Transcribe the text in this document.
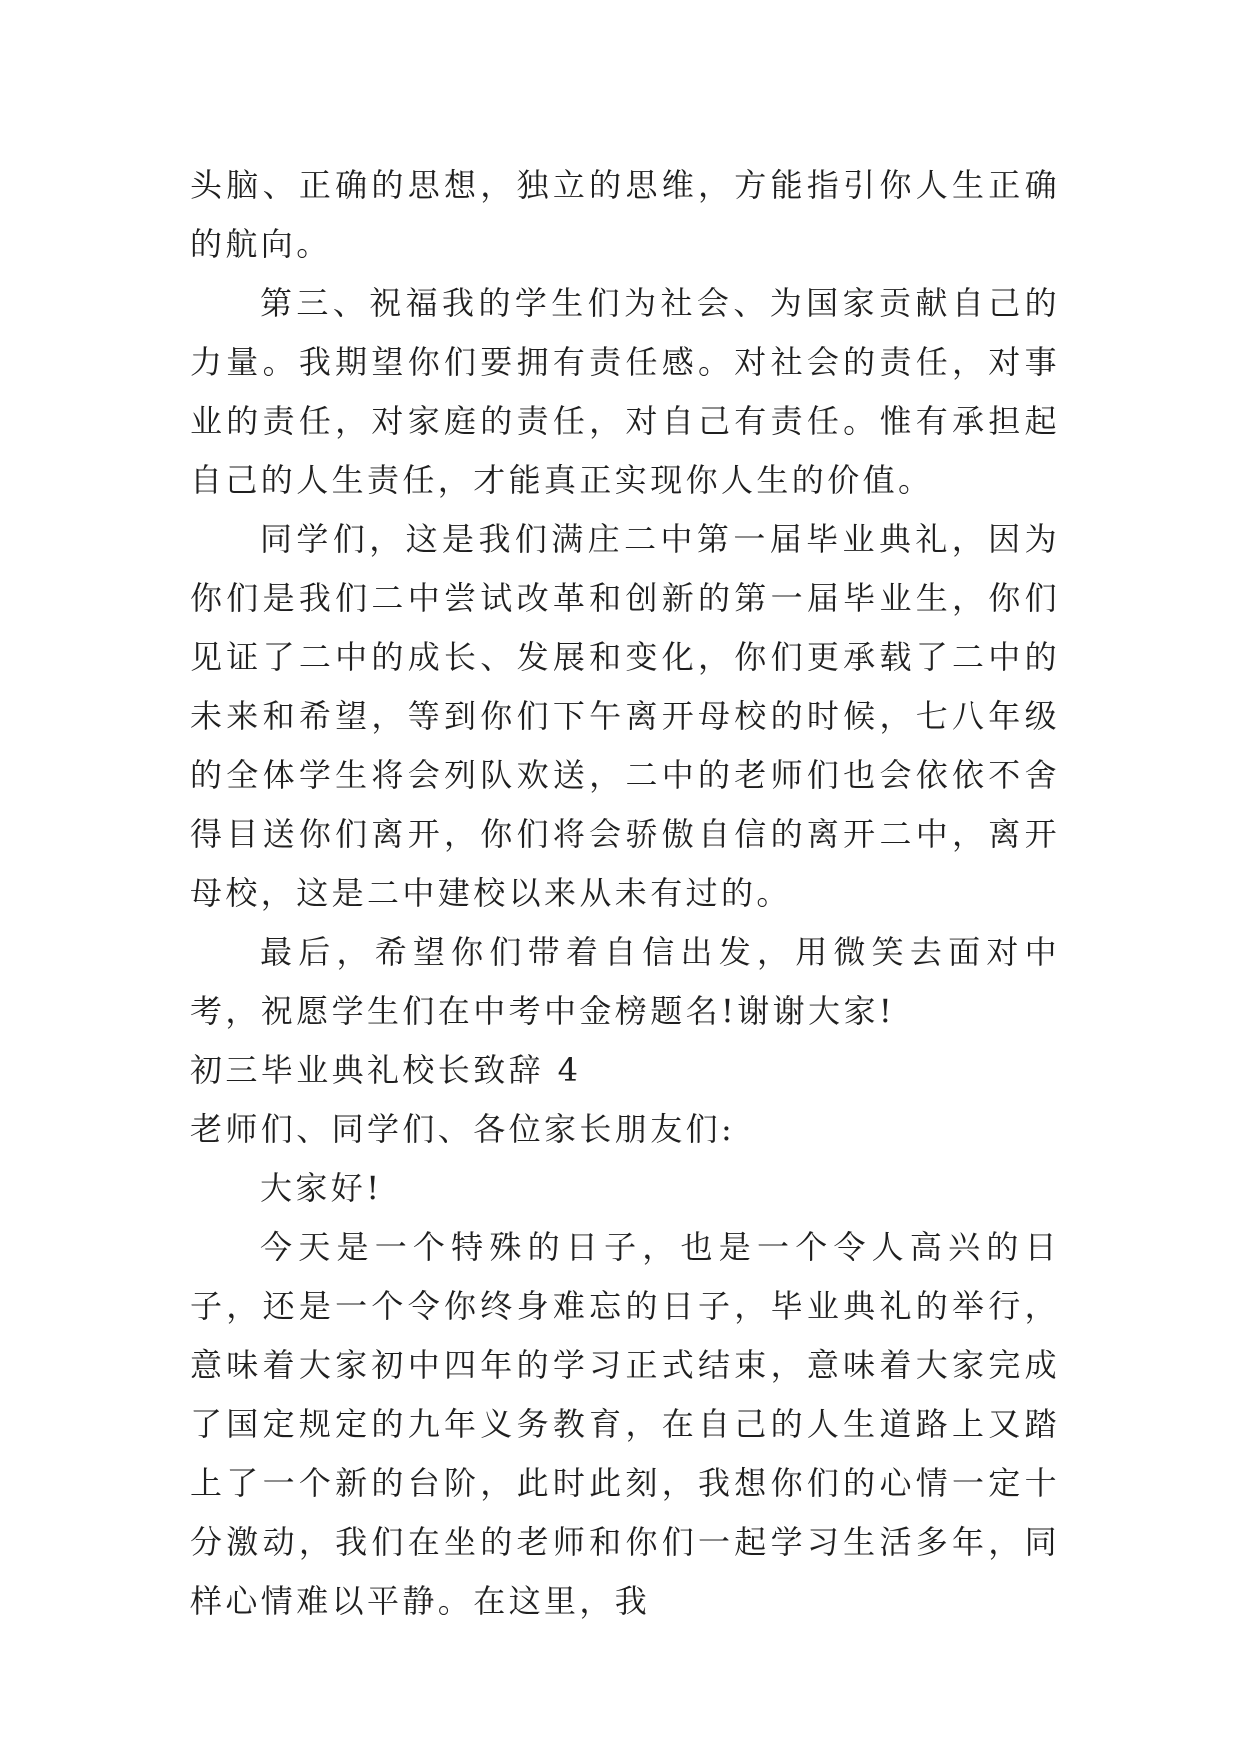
头脑、正确的思想，独立的思维，方能指引你人生正确的航向。

第三、祝福我的学生们为社会、为国家贡献自己的力量。我期望你们要拥有责任感。对社会的责任，对事业的责任，对家庭的责任，对自己有责任。惟有承担起自己的人生责任，才能真正实现你人生的价值。

同学们，这是我们满庄二中第一届毕业典礼，因为你们是我们二中尝试改革和创新的第一届毕业生，你们见证了二中的成长、发展和变化，你们更承载了二中的未来和希望，等到你们下午离开母校的时候，七八年级的全体学生将会列队欢送，二中的老师们也会依依不舍得目送你们离开，你们将会骄傲自信的离开二中，离开母校，这是二中建校以来从未有过的。

最后，希望你们带着自信出发，用微笑去面对中考，祝愿学生们在中考中金榜题名!谢谢大家!

初三毕业典礼校长致辞 4

老师们、同学们、各位家长朋友们:

大家好!

今天是一个特殊的日子，也是一个令人高兴的日子，还是一个令你终身难忘的日子，毕业典礼的举行，意味着大家初中四年的学习正式结束，意味着大家完成了国定规定的九年义务教育，在自己的人生道路上又踏上了一个新的台阶，此时此刻，我想你们的心情一定十分激动，我们在坐的老师和你们一起学习生活多年，同样心情难以平静。在这里，我
